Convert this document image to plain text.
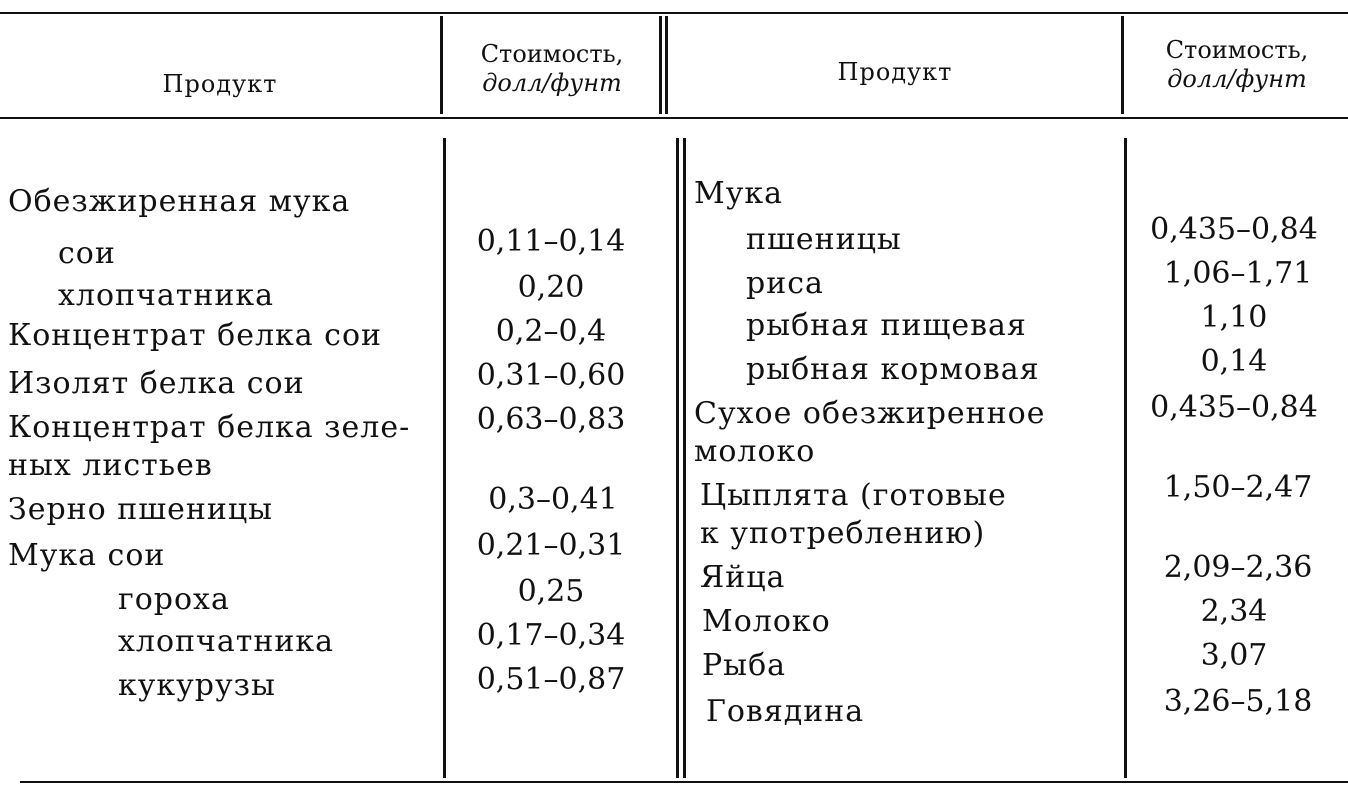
Продукт
Стоимость,
долл/фунт	Продукт
Стоимость,
долл/фунт
Обезжиренная мука
сои
хлопчатника
Концентрат белка сои
Изолят белка сои
Концентрат белка зеле-
ных листьев
Зерно пшеницы
Мука сои
гороха
хлопчатника
кукурузы
0,11–0,14
0,20
0,2–0,4
0,31–0,60
0,63–0,83
0,3–0,41
0,21–0,31
0,25
0,17–0,34
0,51–0,87
Мука
пшеницы
риса
рыбная пищевая
рыбная кормовая
Сухое обезжиренное
молоко
Цыплята (готовые
к употреблению)
Яйца
Молоко
Рыба
Говядина
0,435–0,84
1,06–1,71
1,10
0,14
0,435–0,84
1,50–2,47
2,09–2,36
2,34
3,07
3,26–5,18
